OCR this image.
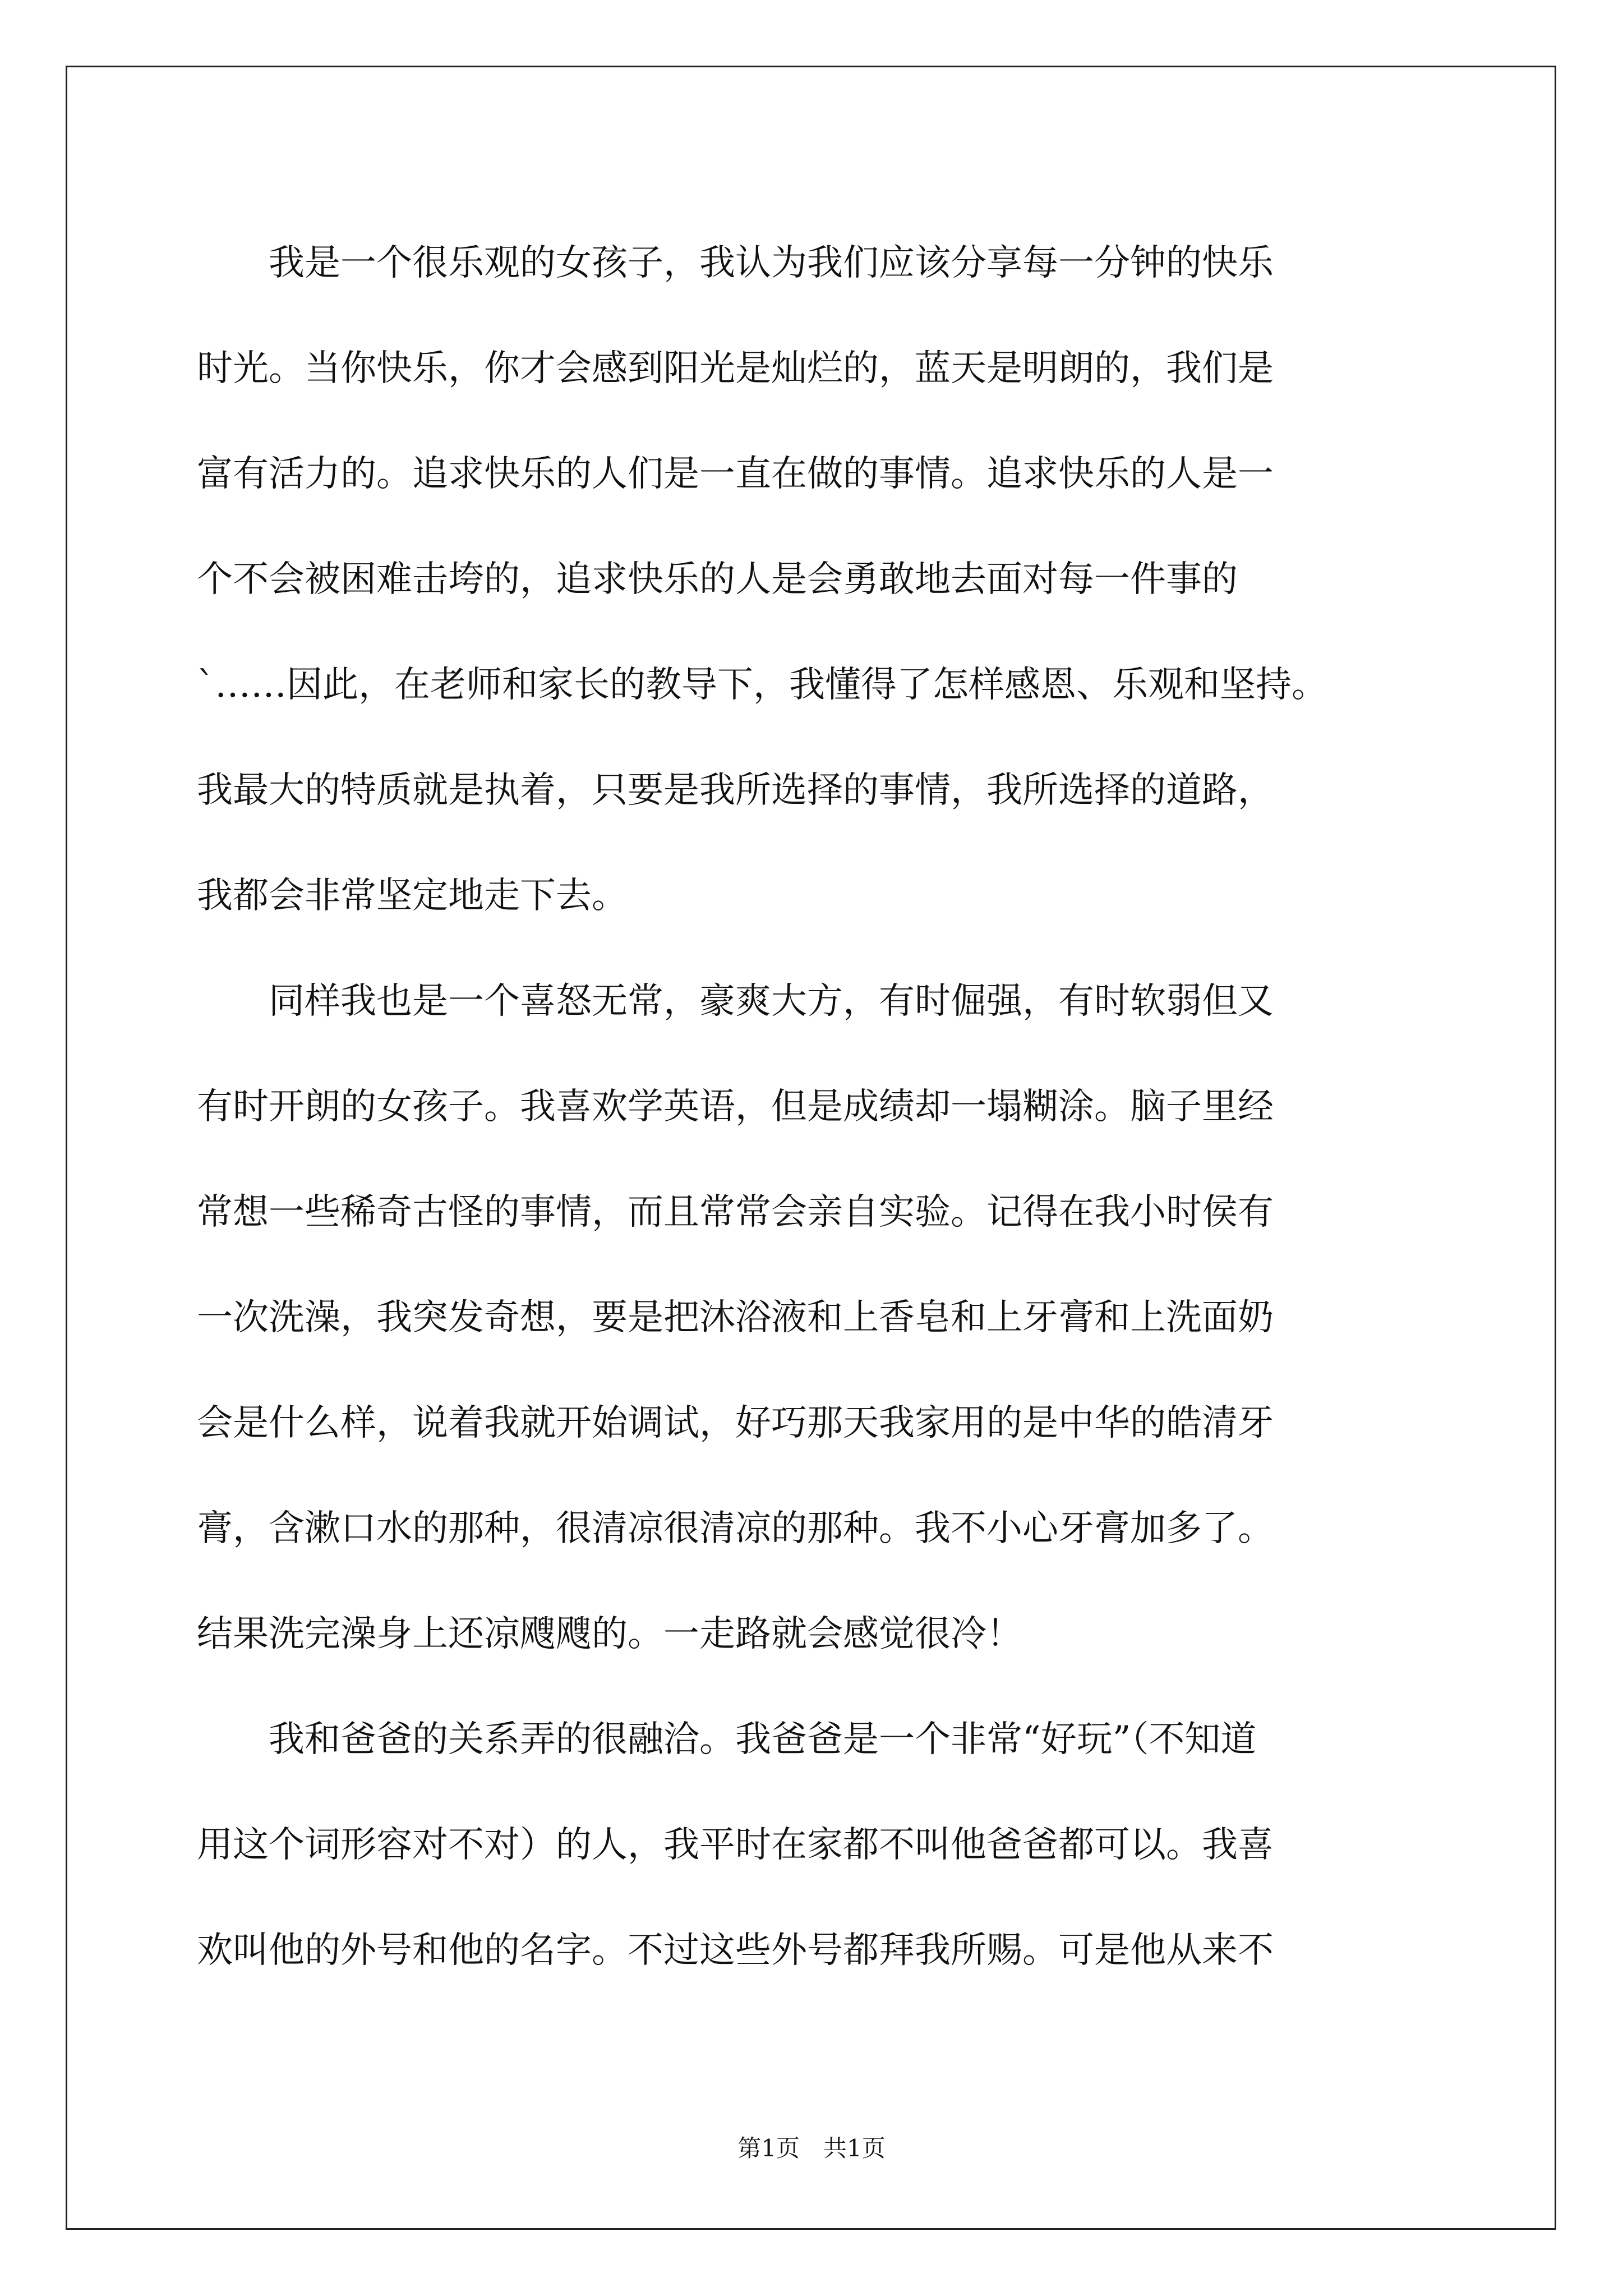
　　我是一个很乐观的女孩子，我认为我们应该分享每一分钟的快乐
时光。当你快乐，你才会感到阳光是灿烂的，蓝天是明朗的，我们是
富有活力的。追求快乐的人们是一直在做的事情。追求快乐的人是一
个不会被困难击垮的，追求快乐的人是会勇敢地去面对每一件事的
`……因此，在老师和家长的教导下，我懂得了怎样感恩、乐观和坚持。
我最大的特质就是执着，只要是我所选择的事情，我所选择的道路，
我都会非常坚定地走下去。
　　同样我也是一个喜怒无常，豪爽大方，有时倔强，有时软弱但又
有时开朗的女孩子。我喜欢学英语，但是成绩却一塌糊涂。脑子里经
常想一些稀奇古怪的事情，而且常常会亲自实验。记得在我小时侯有
一次洗澡，我突发奇想，要是把沐浴液和上香皂和上牙膏和上洗面奶
会是什么样，说着我就开始调试，好巧那天我家用的是中华的皓清牙
膏，含漱口水的那种，很清凉很清凉的那种。我不小心牙膏加多了。
结果洗完澡身上还凉飕飕的。一走路就会感觉很冷！
　　我和爸爸的关系弄的很融洽。我爸爸是一个非常“好玩”（不知道
用这个词形容对不对）的人，我平时在家都不叫他爸爸都可以。我喜
欢叫他的外号和他的名字。不过这些外号都拜我所赐。可是他从来不
第1页　共1页
